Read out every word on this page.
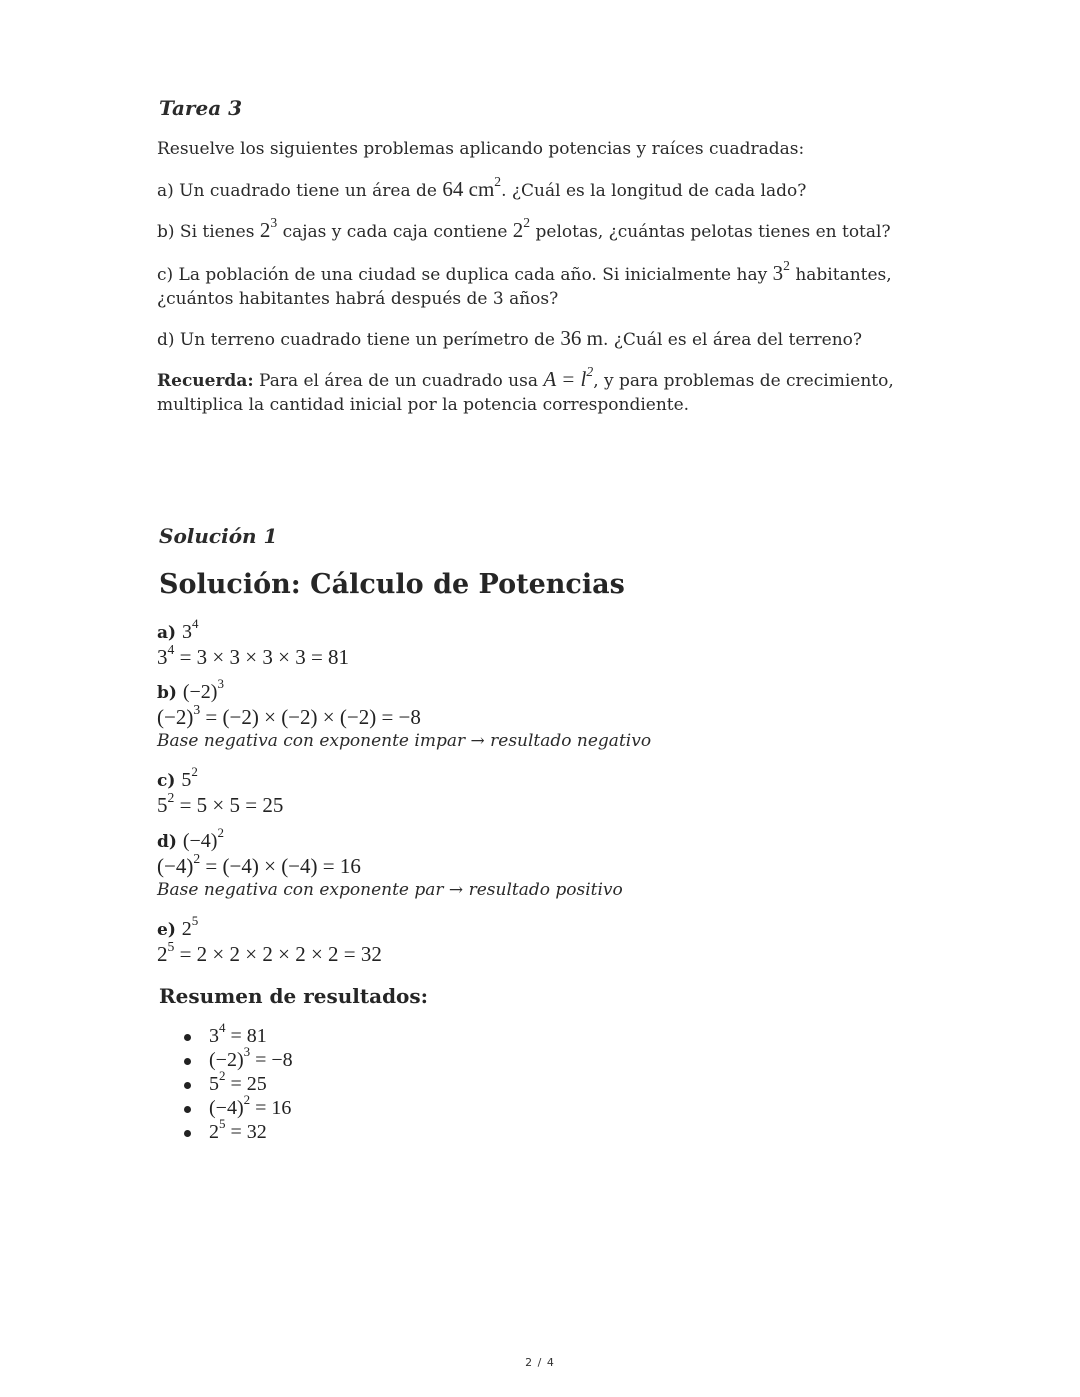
Tarea 3
Resuelve los siguientes problemas aplicando potencias y raíces cuadradas:
a) Un cuadrado tiene un área de 64 $cm^2$. ¿Cuál es la longitud de cada lado?
b) Si tienes $2^3$ cajas y cada caja contiene $2^2$ pelotas, ¿cuántas pelotas tienes en total?
c) La población de una ciudad se duplica cada año. Si inicialmente hay $3^2$ habitantes,
¿cuántos habitantes habrá después de 3 años?
d) Un terreno cuadrado tiene un perímetro de 36 m. ¿Cuál es el área del terreno?
Recuerda: Para el área de un cuadrado usa $A = l^2$, y para problemas de crecimiento,
multiplica la cantidad inicial por la potencia correspondiente.
Solución 1
Solución: Cálculo de Potencias
a) $3^4$
$3^4 = 3 \times 3 \times 3 \times 3 = 81$
b) $(-2)^3$
$(-2)^3 = (-2) \times (-2) \times (-2) = -8$
Base negativa con exponente impar → resultado negativo
c) $5^2$
$5^2 = 5 \times 5 = 25$
d) $(-4)^2$
$(-4)^2 = (-4) \times (-4) = 16$
Base negativa con exponente par → resultado positivo
e) $2^5$
$2^5 = 2 \times 2 \times 2 \times 2 \times 2 = 32$
Resumen de resultados:
$3^4 = 81$
$(-2)^3 = -8$
$5^2 = 25$
$(-4)^2 = 16$
$2^5 = 32$
2 / 4
